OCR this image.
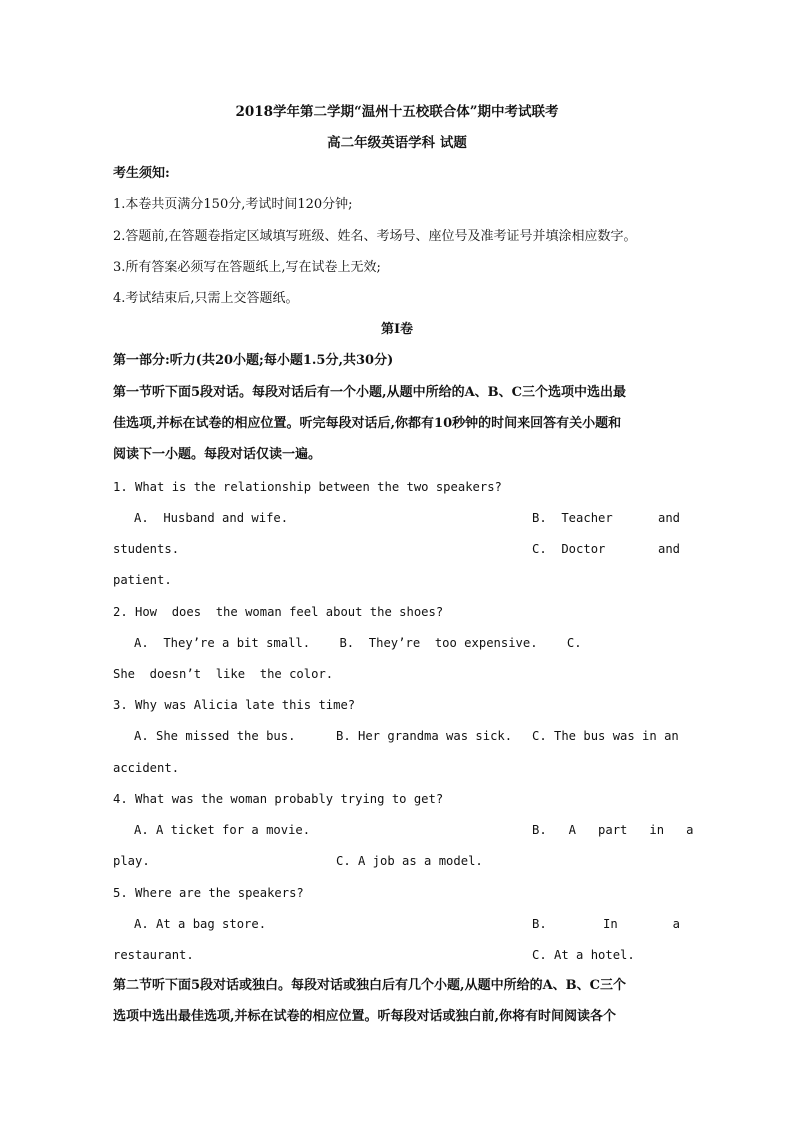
2018学年第二学期“温州十五校联合体”期中考试联考
高二年级英语学科 试题
考生须知:
1.本卷共页满分150分,考试时间120分钟;
2.答题前,在答题卷指定区域填写班级、姓名、考场号、座位号及准考证号并填涂相应数字。
3.所有答案必须写在答题纸上,写在试卷上无效;
4.考试结束后,只需上交答题纸。
第I卷
第一部分:听力(共20小题;每小题1.5分,共30分)
第一节听下面5段对话。每段对话后有一个小题,从题中所给的A、B、C三个选项中选出最
佳选项,并标在试卷的相应位置。听完每段对话后,你都有10秒钟的时间来回答有关小题和
阅读下一小题。每段对话仅读一遍。
1. What is the relationship between the two speakers?
A.  Husband and wife.	B.  Teacher	and
students.	C.  Doctor	and
patient.
2. How  does  the woman feel about the shoes?
A.  They’re a bit small.    B.  They’re  too expensive.    C.
She  doesn’t  like  the color.
3. Why was Alicia late this time?
A. She missed the bus.	B. Her grandma was sick. C. The bus was in an
accident.
4. What was the woman probably trying to get?
A. A ticket for a movie.	B.   A   part   in   a
play.	C. A job as a model.
5. Where are the speakers?
A. At a bag store.	B.	In	a
restaurant.	C. At a hotel.
第二节听下面5段对话或独白。每段对话或独白后有几个小题,从题中所给的A、B、C三个
选项中选出最佳选项,并标在试卷的相应位置。听每段对话或独白前,你将有时间阅读各个
